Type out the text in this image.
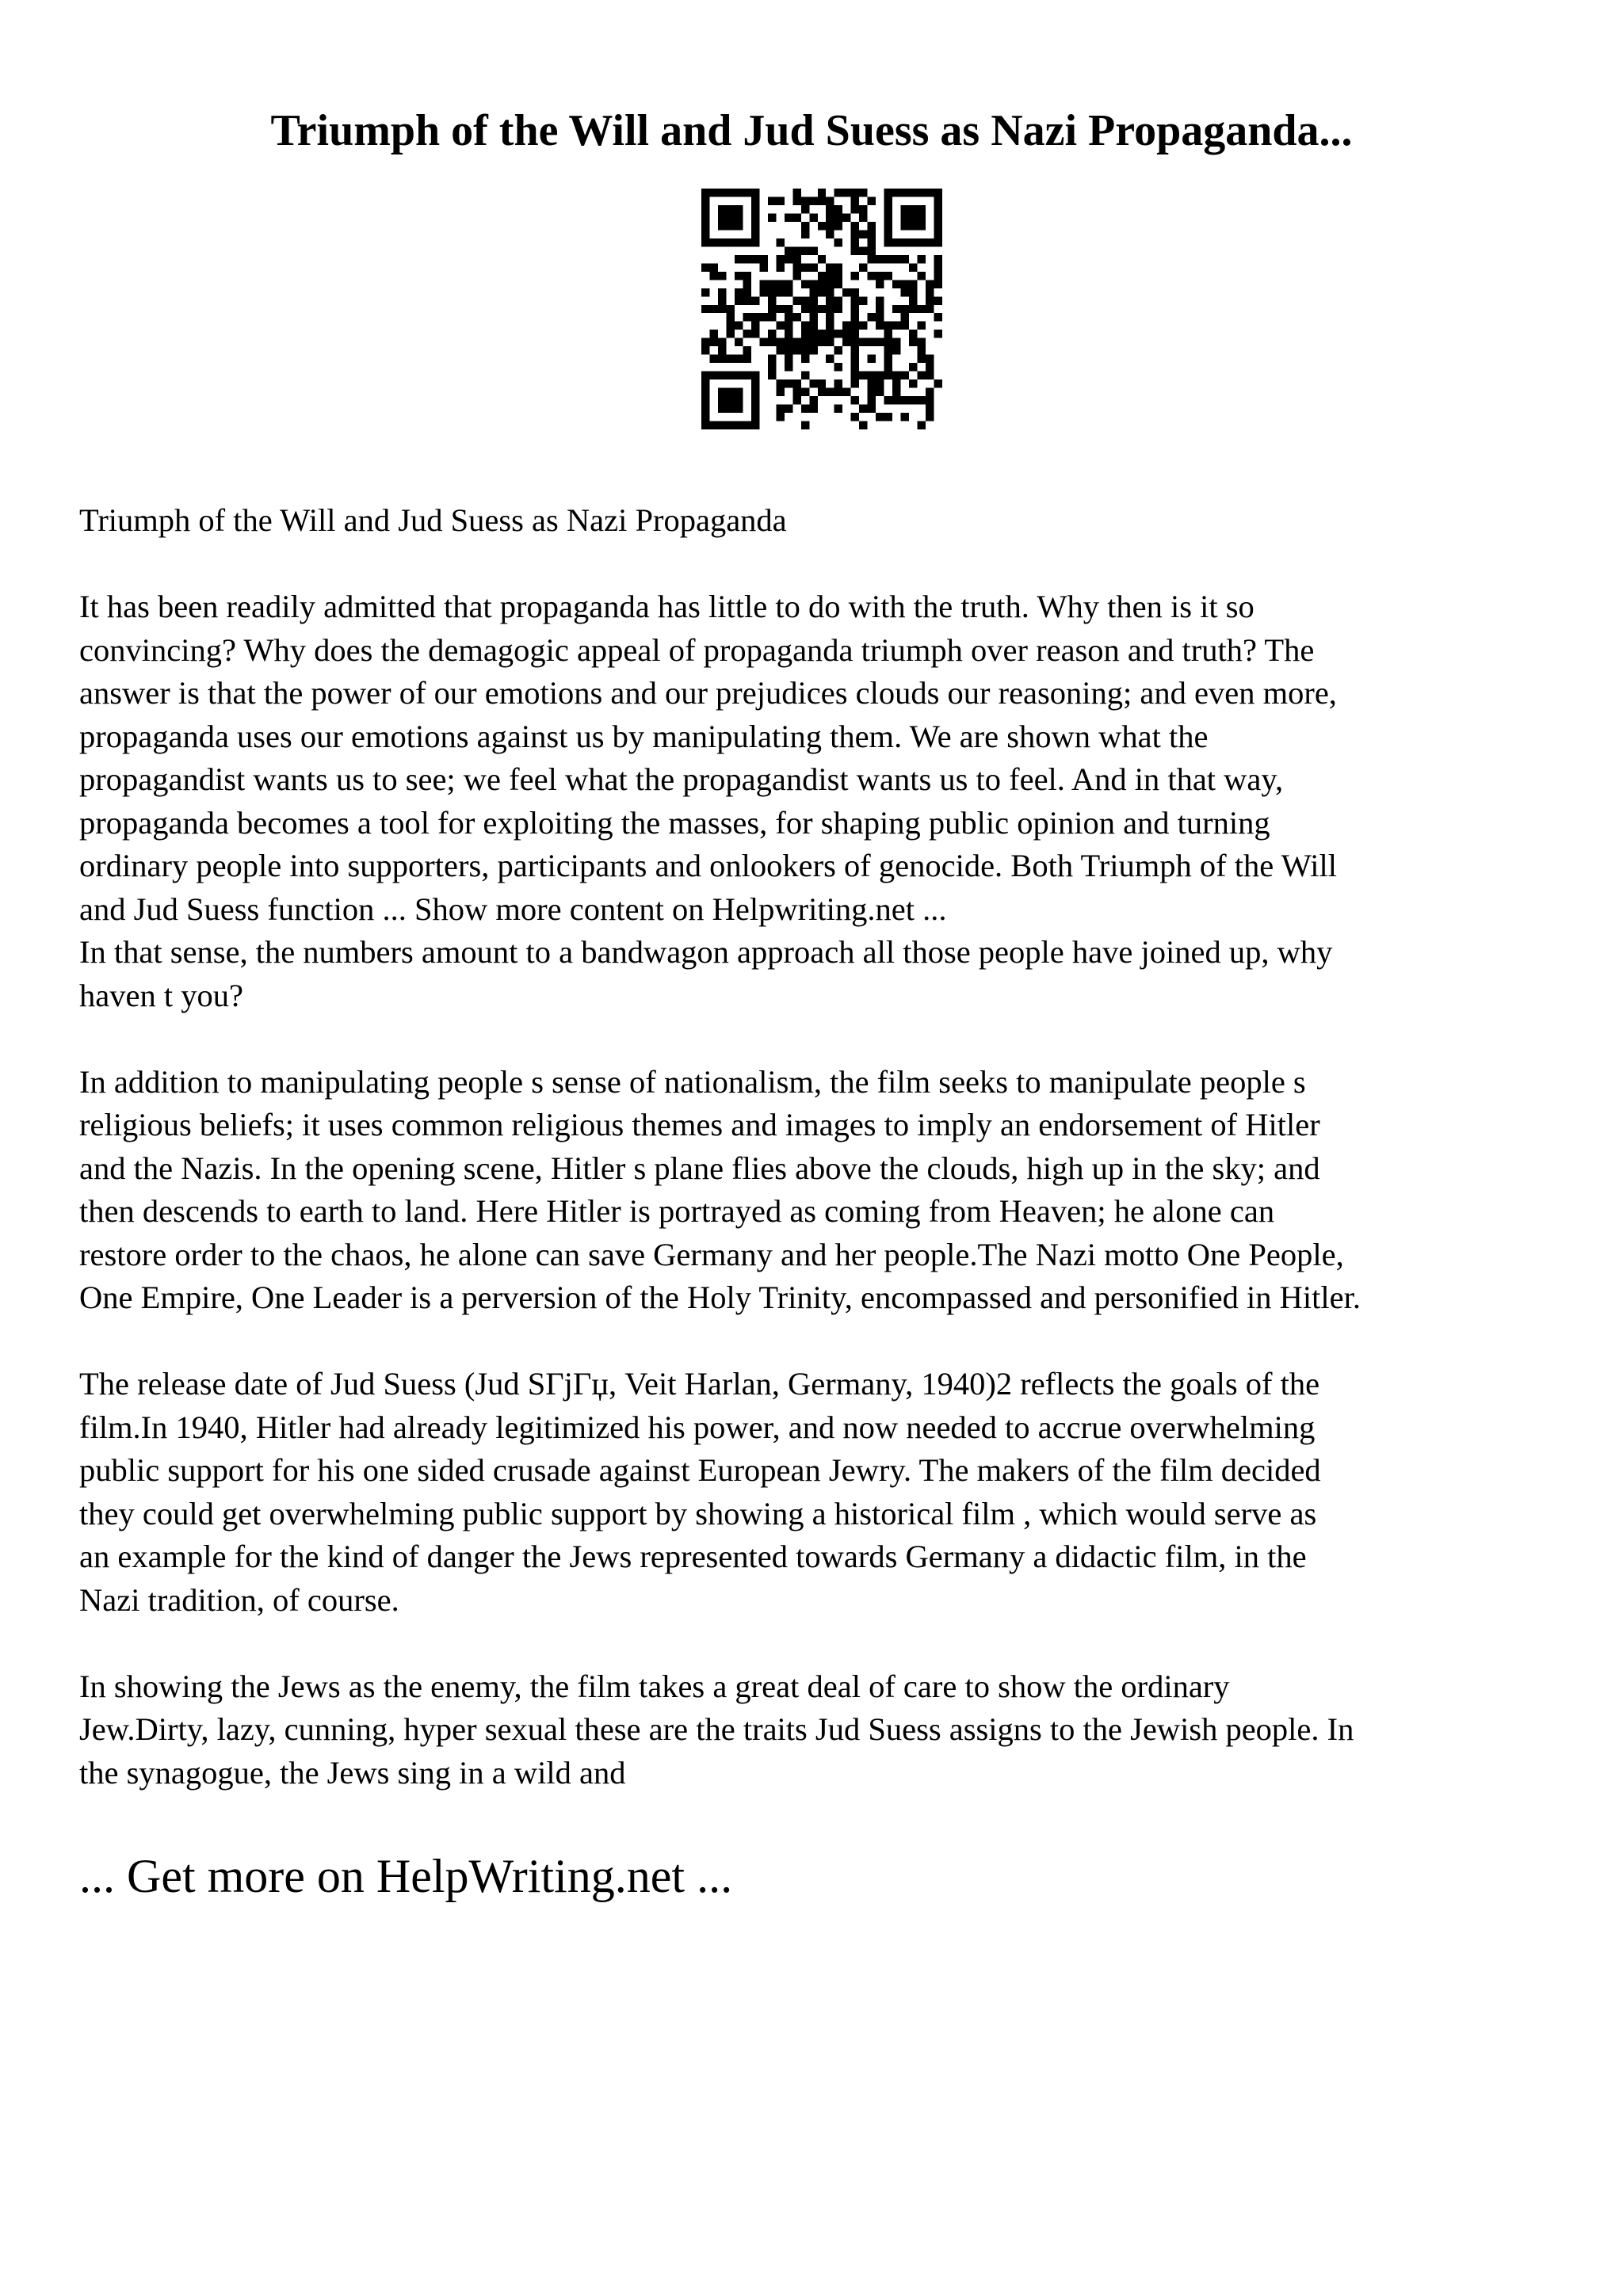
Triumph of the Will and Jud Suess as Nazi Propaganda...

Triumph of the Will and Jud Suess as Nazi Propaganda

It has been readily admitted that propaganda has little to do with the truth. Why then is it so
convincing? Why does the demagogic appeal of propaganda triumph over reason and truth? The
answer is that the power of our emotions and our prejudices clouds our reasoning; and even more,
propaganda uses our emotions against us by manipulating them. We are shown what the
propagandist wants us to see; we feel what the propagandist wants us to feel. And in that way,
propaganda becomes a tool for exploiting the masses, for shaping public opinion and turning
ordinary people into supporters, participants and onlookers of genocide. Both Triumph of the Will
and Jud Suess function ... Show more content on Helpwriting.net ...

In that sense, the numbers amount to a bandwagon approach all those people have joined up, why
haven t you?

In addition to manipulating people s sense of nationalism, the film seeks to manipulate people s
religious beliefs; it uses common religious themes and images to imply an endorsement of Hitler
and the Nazis. In the opening scene, Hitler s plane flies above the clouds, high up in the sky; and
then descends to earth to land. Here Hitler is portrayed as coming from Heaven; he alone can
restore order to the chaos, he alone can save Germany and her people.The Nazi motto One People,
One Empire, One Leader is a perversion of the Holy Trinity, encompassed and personified in Hitler.

The release date of Jud Suess (Jud SГјГџ, Veit Harlan, Germany, 1940)2 reflects the goals of the
film.In 1940, Hitler had already legitimized his power, and now needed to accrue overwhelming
public support for his one sided crusade against European Jewry. The makers of the film decided
they could get overwhelming public support by showing a historical film , which would serve as
an example for the kind of danger the Jews represented towards Germany a didactic film, in the
Nazi tradition, of course.

In showing the Jews as the enemy, the film takes a great deal of care to show the ordinary
Jew.Dirty, lazy, cunning, hyper sexual these are the traits Jud Suess assigns to the Jewish people. In
the synagogue, the Jews sing in a wild and

... Get more on HelpWriting.net ...
